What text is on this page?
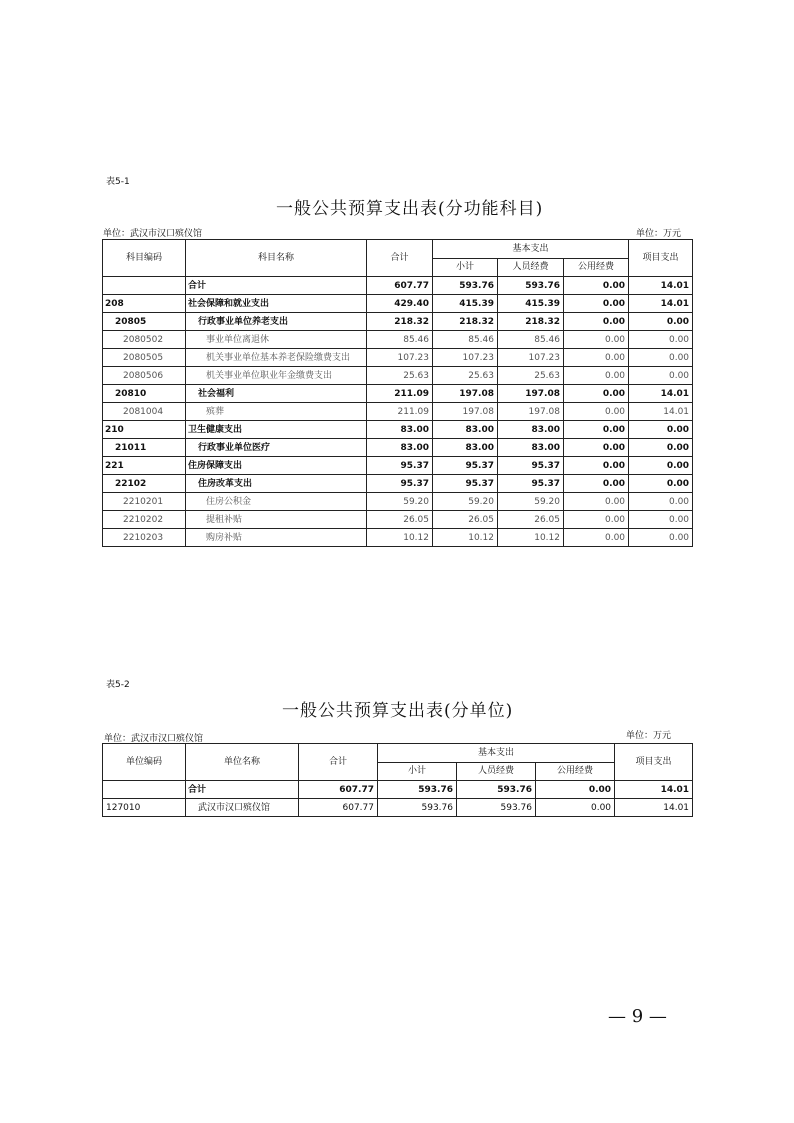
表5-1
一般公共预算支出表(分功能科目)
单位：武汉市汉口殡仪馆	单位：万元
科目编码	科目名称	合计	基本支出			项目支出
			小计	人员经费	公用经费	
	合计	607.77	593.76	593.76	0.00	14.01
208	社会保障和就业支出	429.40	415.39	415.39	0.00	14.01
20805	行政事业单位养老支出	218.32	218.32	218.32	0.00	0.00
2080502	事业单位离退休	85.46	85.46	85.46	0.00	0.00
2080505	机关事业单位基本养老保险缴费支出	107.23	107.23	107.23	0.00	0.00
2080506	机关事业单位职业年金缴费支出	25.63	25.63	25.63	0.00	0.00
20810	社会福利	211.09	197.08	197.08	0.00	14.01
2081004	殡葬	211.09	197.08	197.08	0.00	14.01
210	卫生健康支出	83.00	83.00	83.00	0.00	0.00
21011	行政事业单位医疗	83.00	83.00	83.00	0.00	0.00
221	住房保障支出	95.37	95.37	95.37	0.00	0.00
22102	住房改革支出	95.37	95.37	95.37	0.00	0.00
2210201	住房公积金	59.20	59.20	59.20	0.00	0.00
2210202	提租补贴	26.05	26.05	26.05	0.00	0.00
2210203	购房补贴	10.12	10.12	10.12	0.00	0.00
表5-2
一般公共预算支出表(分单位)
单位：武汉市汉口殡仪馆	单位：万元
单位编码	单位名称	合计	基本支出			项目支出
			小计	人员经费	公用经费	
	合计	607.77	593.76	593.76	0.00	14.01
127010	武汉市汉口殡仪馆	607.77	593.76	593.76	0.00	14.01
— 9 —
